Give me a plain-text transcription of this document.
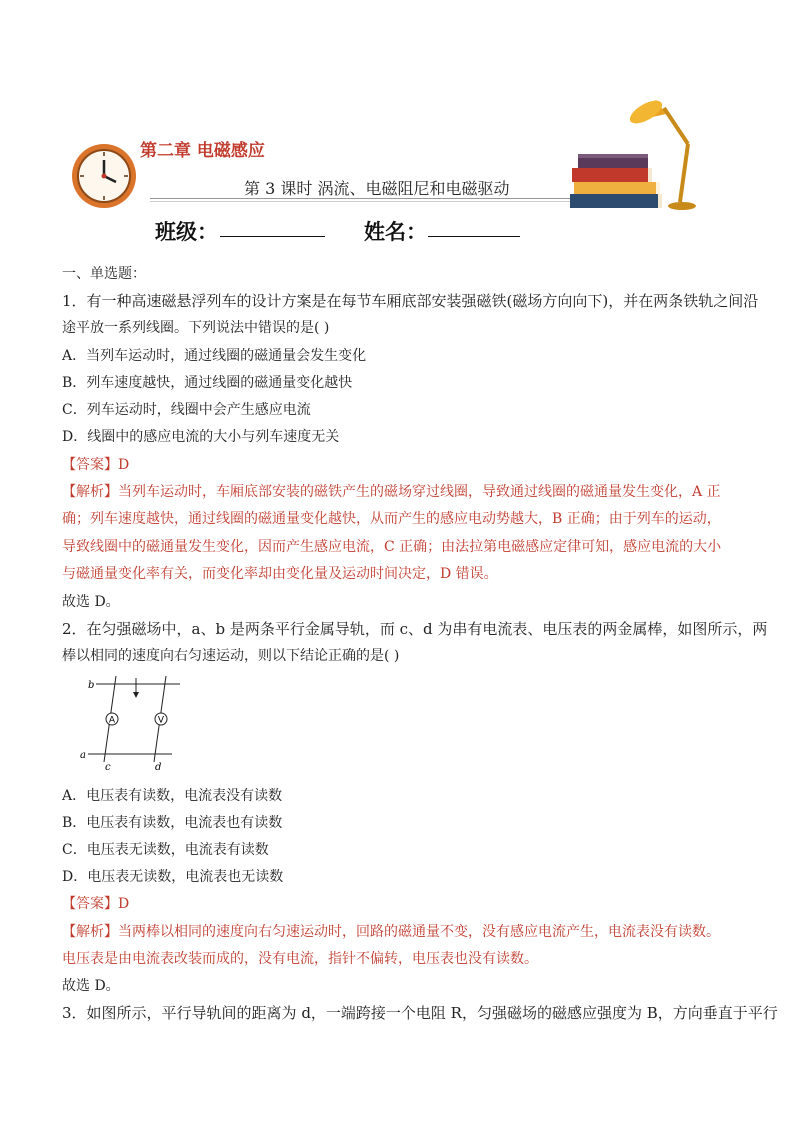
第二章 电磁感应
第 3 课时 涡流、电磁阻尼和电磁驱动
班级：	姓名：
一、单选题：
1．有一种高速磁悬浮列车的设计方案是在每节车厢底部安装强磁铁(磁场方向向下)，并在两条铁轨之间沿
途平放一系列线圈。下列说法中错误的是( )
A．当列车运动时，通过线圈的磁通量会发生变化
B．列车速度越快，通过线圈的磁通量变化越快
C．列车运动时，线圈中会产生感应电流
D．线圈中的感应电流的大小与列车速度无关
【答案】D
【解析】当列车运动时，车厢底部安装的磁铁产生的磁场穿过线圈，导致通过线圈的磁通量发生变化，A 正
确；列车速度越快，通过线圈的磁通量变化越快，从而产生的感应电动势越大，B 正确；由于列车的运动，
导致线圈中的磁通量发生变化，因而产生感应电流，C 正确；由法拉第电磁感应定律可知，感应电流的大小
与磁通量变化率有关，而变化率却由变化量及运动时间决定，D 错误。
故选 D。
2．在匀强磁场中，a、b 是两条平行金属导轨，而 c、d 为串有电流表、电压表的两金属棒，如图所示，两
棒以相同的速度向右匀速运动，则以下结论正确的是( )
A	V
b
a
c	d
A．电压表有读数，电流表没有读数
B．电压表有读数，电流表也有读数
C．电压表无读数，电流表有读数
D．电压表无读数，电流表也无读数
【答案】D
【解析】当两棒以相同的速度向右匀速运动时，回路的磁通量不变，没有感应电流产生，电流表没有读数。
电压表是由电流表改装而成的，没有电流，指针不偏转，电压表也没有读数。
故选 D。
3．如图所示，平行导轨间的距离为 d，一端跨接一个电阻 R，匀强磁场的磁感应强度为 B，方向垂直于平行
